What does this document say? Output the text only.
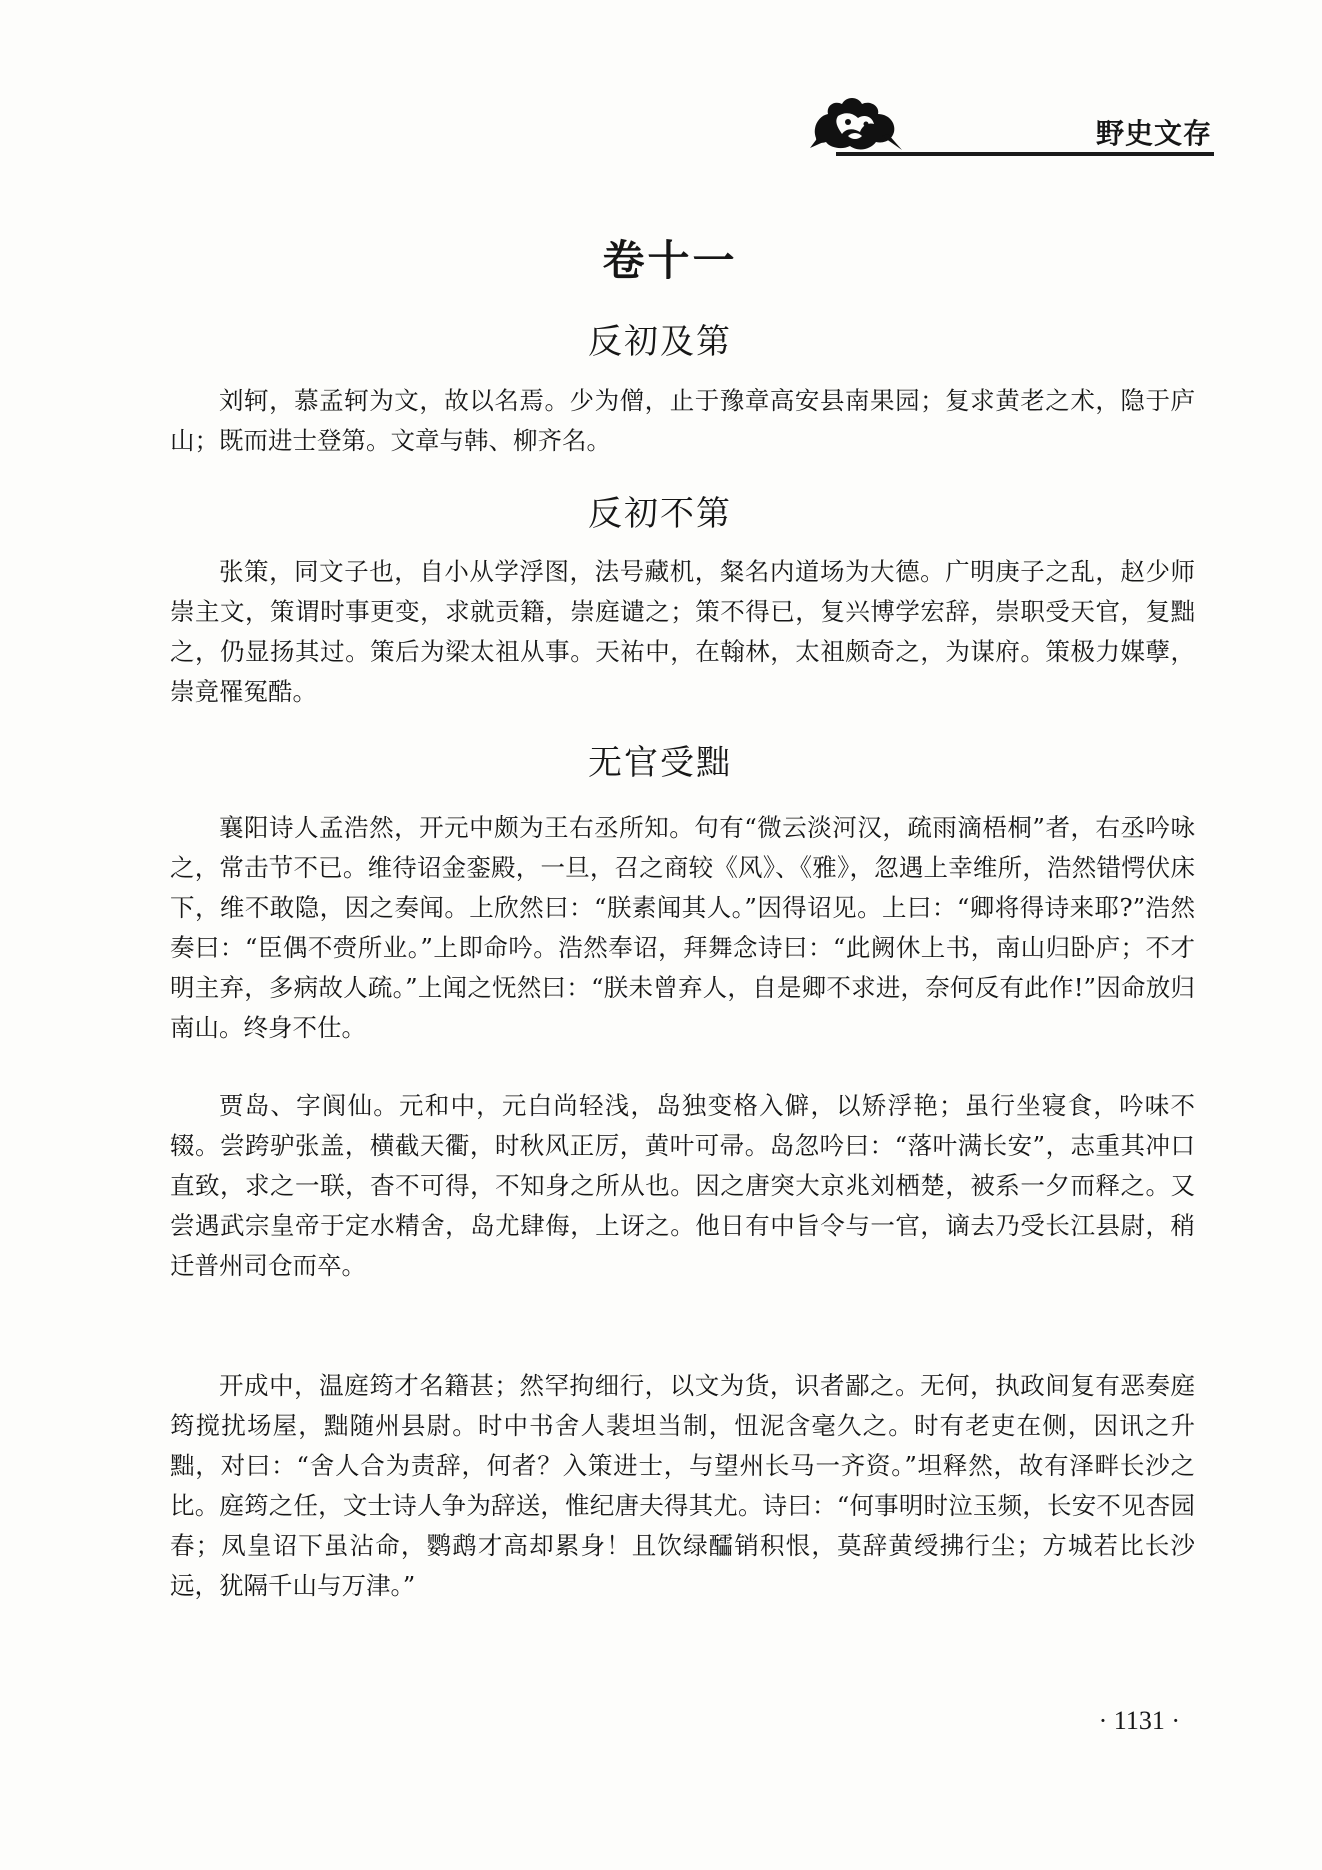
野史文存
卷十一
反初及第

刘轲，慕孟轲为文，故以名焉。少为僧，止于豫章高安县南果园；复求黄老之术，隐于庐山；既而进士登第。文章与韩、柳齐名。

反初不第

张策，同文子也，自小从学浮图，法号藏机，粲名内道场为大德。广明庚子之乱，赵少师崇主文，策谓时事更变，求就贡籍，崇庭谴之；策不得已，复兴博学宏辞，崇职受天官，复黜之，仍显扬其过。策后为梁太祖从事。天祐中，在翰林，太祖颇奇之，为谋府。策极力媒孽，崇竟罹冤酷。

无官受黜

襄阳诗人孟浩然，开元中颇为王右丞所知。句有“微云淡河汉，疏雨滴梧桐”者，右丞吟咏之，常击节不已。维待诏金銮殿，一旦，召之商较《风》、《雅》，忽遇上幸维所，浩然错愕伏床下，维不敢隐，因之奏闻。上欣然曰：“朕素闻其人。”因得诏见。上曰：“卿将得诗来耶?”浩然奏曰：“臣偶不赍所业。”上即命吟。浩然奉诏，拜舞念诗曰：“此阙休上书，南山归卧庐；不才明主弃，多病故人疏。”上闻之怃然曰：“朕未曾弃人，自是卿不求进，奈何反有此作!”因命放归南山。终身不仕。

贾岛、字阆仙。元和中，元白尚轻浅，岛独变格入僻，以矫浮艳；虽行坐寝食，吟味不辍。尝跨驴张盖，横截天衢，时秋风正厉，黄叶可帚。岛忽吟曰：“落叶满长安”，志重其冲口直致，求之一联，杳不可得，不知身之所从也。因之唐突大京兆刘栖楚，被系一夕而释之。又尝遇武宗皇帝于定水精舍，岛尤肆侮，上讶之。他日有中旨令与一官，谪去乃受长江县尉，稍迁普州司仓而卒。

开成中，温庭筠才名籍甚；然罕拘细行，以文为货，识者鄙之。无何，执政间复有恶奏庭筠搅扰场屋，黜随州县尉。时中书舍人裴坦当制，忸泥含毫久之。时有老吏在侧，因讯之升黜，对曰：“舍人合为责辞，何者？入策进士，与望州长马一齐资。”坦释然，故有泽畔长沙之比。庭筠之任，文士诗人争为辞送，惟纪唐夫得其尤。诗曰：“何事明时泣玉频，长安不见杏园春；凤皇诏下虽沾命，鹦鹉才高却累身！且饮绿醽销积恨，莫辞黄绶拂行尘；方城若比长沙远，犹隔千山与万津。”

· 1131 ·
